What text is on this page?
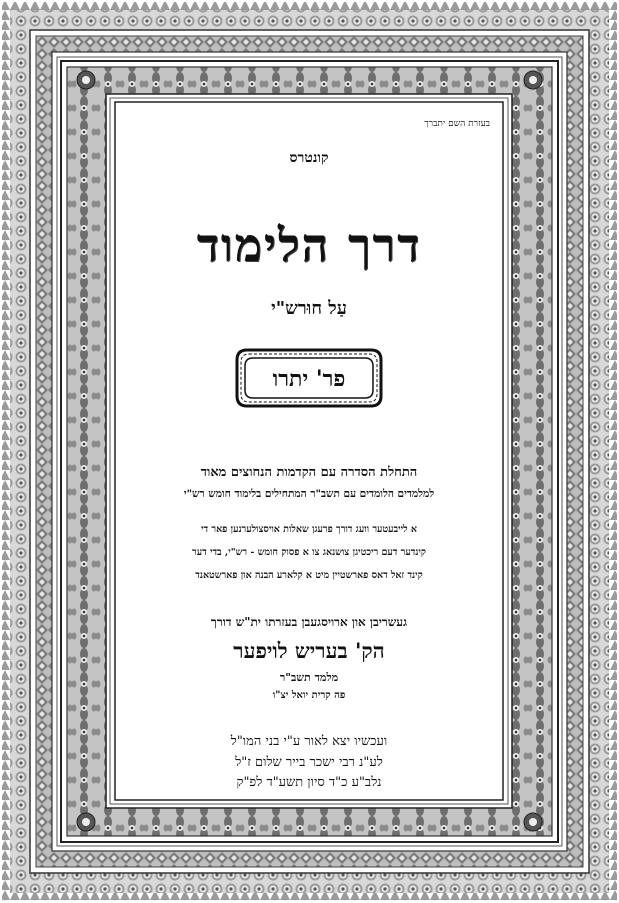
בעזרת השם יתברך
קונטרס
דרך הלימוד
עַל חוּרש"י
פר' יתרו
התחלת הסדרה עם הקדמות הנחוצים מאוד
למלמדים הלומדים עם תשב"ר המתחילים בלימוד חומש רש"י
א לייבעטער וועג דורך פרעגן שאלות אויסצולערנען פאר די
קינדער דעם ריכטיגן צושנאג צו א פסוק חומש - רש"י, בדי דער
קינד זאל דאס פארשטיין מיט א קלארע הבנה און פארשטאנד
געשריבן און ארויסגעבן בעזרתו ית"ש דורך
הק' בעריש לויפער
מלמד תשב"ר
פה קרית יואל יצ"ו
ועכשיו יצא לאור ע"י בני המו"ל
לע"נ רבי ישכר בייר שלום ז"ל
נלב"ע כ"ד סיון תשע"ד לפ"ק
